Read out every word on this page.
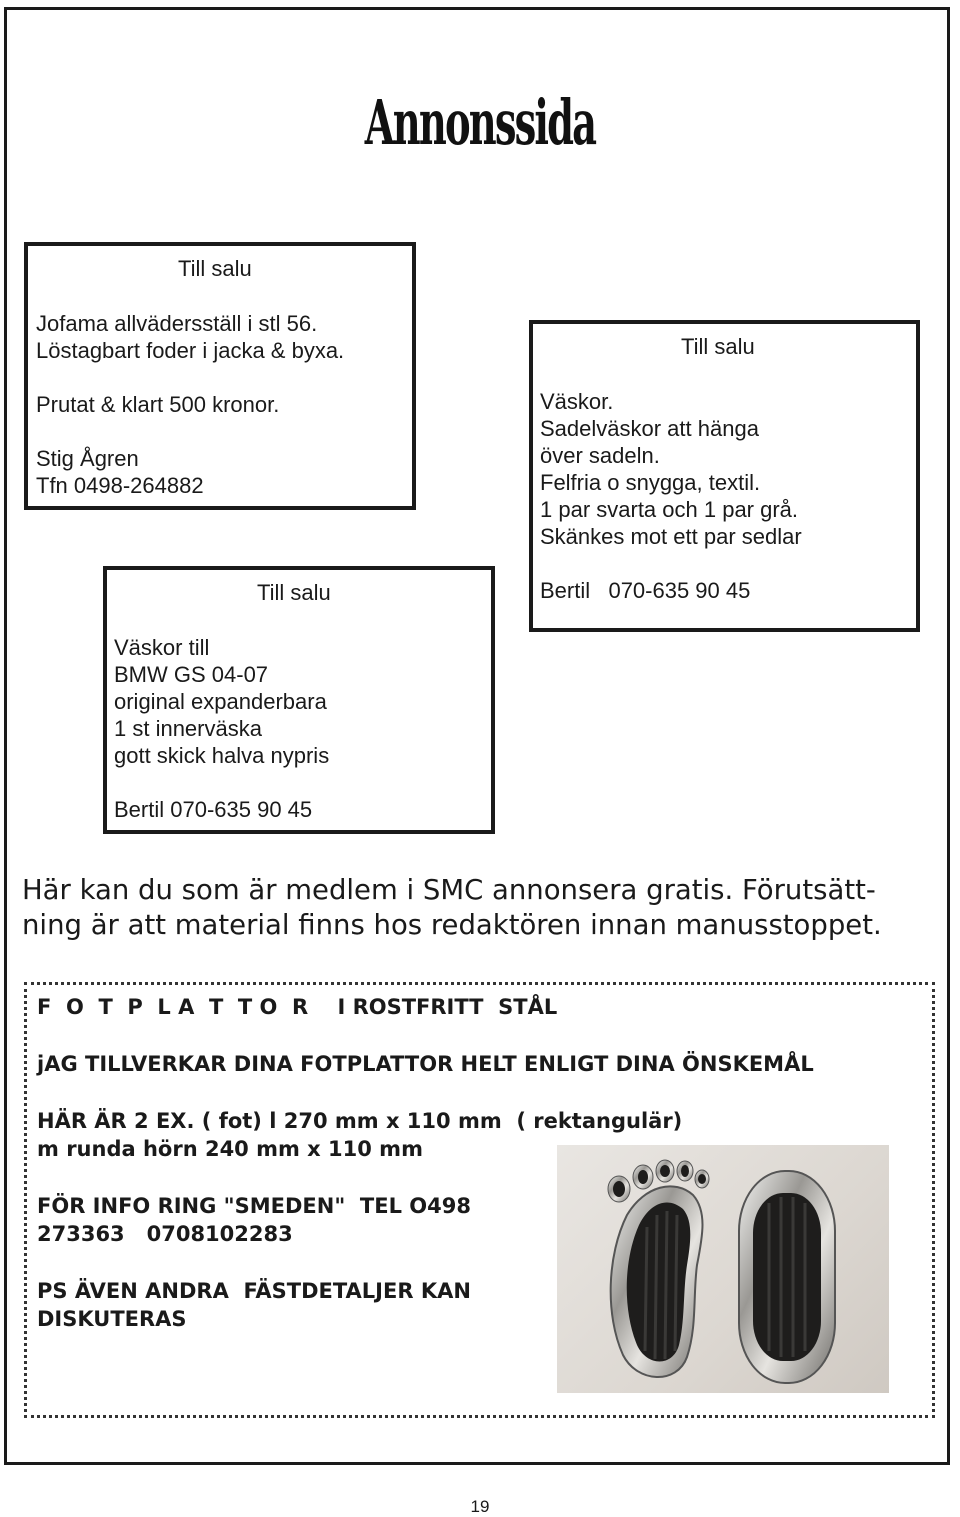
Annonssida
Till salu
Jofama allvädersställ i stl 56.
Löstagbart foder i jacka & byxa.
Prutat & klart 500 kronor.
Stig Ågren
Tfn 0498-264882
Till salu
Väskor.
Sadelväskor att hänga
över sadeln.
Felfria o snygga, textil.
1 par svarta och 1 par grå.
Skänkes mot ett par sedlar
Bertil   070-635 90 45
Till salu
Väskor till
BMW GS 04-07
original expanderbara
1 st innerväska
gott skick halva nypris
Bertil 070-635 90 45
Här kan du som är medlem i SMC annonsera gratis. Förutsätt-
ning är att material finns hos redaktören innan manusstoppet.
F  O  T  P  L A  T  T O  R    I ROSTFRITT  STÅL
jAG TILLVERKAR DINA FOTPLATTOR HELT ENLIGT DINA ÖNSKEMÅL
HÄR ÄR 2 EX. ( fot) l 270 mm x 110 mm  ( rektangulär)
m runda hörn 240 mm x 110 mm
FÖR INFO RING "SMEDEN"  TEL O498
273363   0708102283
PS ÄVEN ANDRA  FÄSTDETALJER KAN
DISKUTERAS
19
